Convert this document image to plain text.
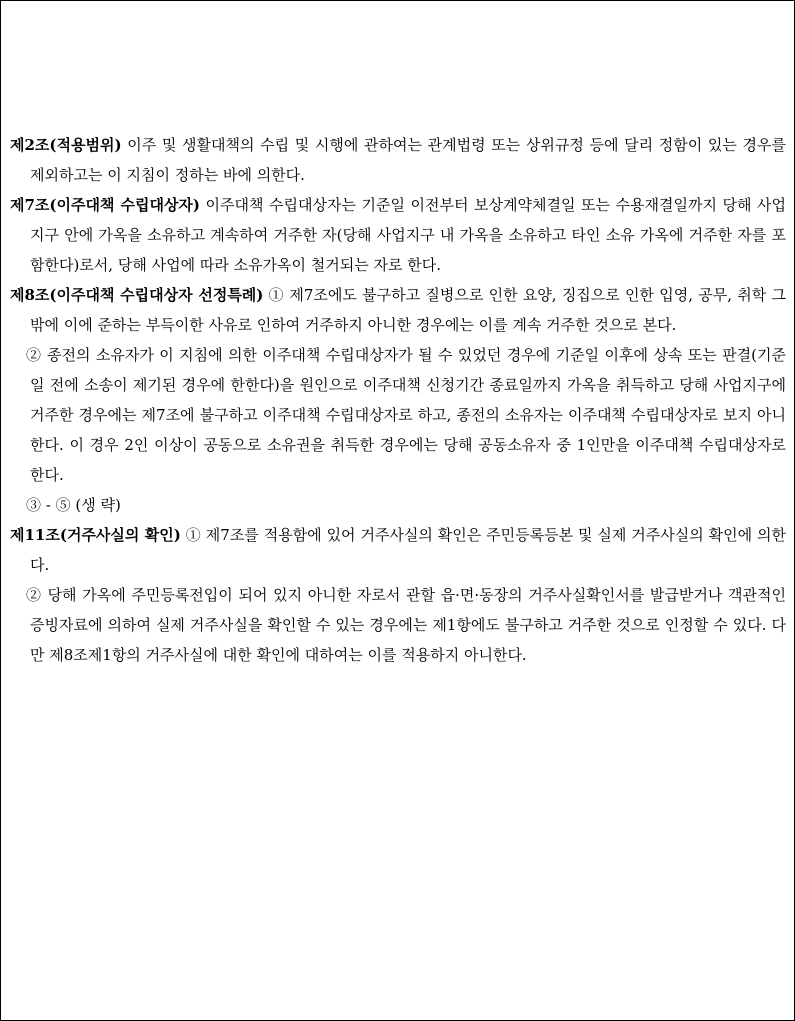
제2조(적용범위) 이주 및 생활대책의 수립 및 시행에 관하여는 관계법령 또는 상위규정 등에 달리 정함이 있는 경우를 제외하고는 이 지침이 정하는 바에 의한다.

제7조(이주대책 수립대상자) 이주대책 수립대상자는 기준일 이전부터 보상계약체결일 또는 수용재결일까지 당해 사업지구 안에 가옥을 소유하고 계속하여 거주한 자(당해 사업지구 내 가옥을 소유하고 타인 소유 가옥에 거주한 자를 포함한다)로서, 당해 사업에 따라 소유가옥이 철거되는 자로 한다.

제8조(이주대책 수립대상자 선정특례) ① 제7조에도 불구하고 질병으로 인한 요양, 징집으로 인한 입영, 공무, 취학 그 밖에 이에 준하는 부득이한 사유로 인하여 거주하지 아니한 경우에는 이를 계속 거주한 것으로 본다.

② 종전의 소유자가 이 지침에 의한 이주대책 수립대상자가 될 수 있었던 경우에 기준일 이후에 상속 또는 판결(기준일 전에 소송이 제기된 경우에 한한다)을 원인으로 이주대책 신청기간 종료일까지 가옥을 취득하고 당해 사업지구에 거주한 경우에는 제7조에 불구하고 이주대책 수립대상자로 하고, 종전의 소유자는 이주대책 수립대상자로 보지 아니한다. 이 경우 2인 이상이 공동으로 소유권을 취득한 경우에는 당해 공동소유자 중 1인만을 이주대책 수립대상자로 한다.

③ - ⑤ (생 략)

제11조(거주사실의 확인) ① 제7조를 적용함에 있어 거주사실의 확인은 주민등록등본 및 실제 거주사실의 확인에 의한다.

② 당해 가옥에 주민등록전입이 되어 있지 아니한 자로서 관할 읍·면·동장의 거주사실확인서를 발급받거나 객관적인 증빙자료에 의하여 실제 거주사실을 확인할 수 있는 경우에는 제1항에도 불구하고 거주한 것으로 인정할 수 있다. 다만 제8조제1항의 거주사실에 대한 확인에 대하여는 이를 적용하지 아니한다.
